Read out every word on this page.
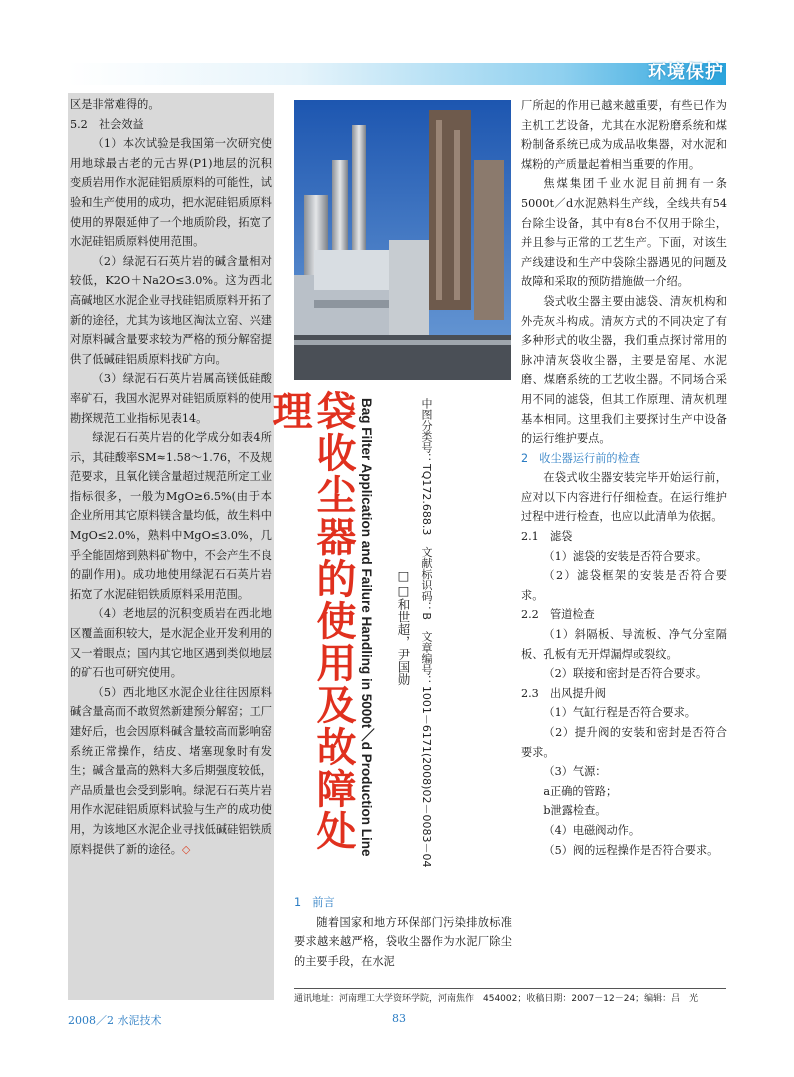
环境保护

区是非常难得的。

5.2　社会效益

（1）本次试验是我国第一次研究使用地球最古老的元古界(P1)地层的沉积变质岩用作水泥硅铝质原料的可能性，试验和生产使用的成功，把水泥硅铝质原料使用的界限延伸了一个地质阶段，拓宽了水泥硅铝质原料使用范围。

（2）绿泥石石英片岩的碱含量相对较低，K2O＋Na2O≤3.0%。这为西北高碱地区水泥企业寻找硅铝质原料开拓了新的途径，尤其为该地区淘汰立窑、兴建对原料碱含量要求较为严格的预分解窑提供了低碱硅铝质原料找矿方向。

（3）绿泥石石英片岩属高镁低硅酸率矿石，我国水泥界对硅铝质原料的使用勘探规范工业指标见表14。

绿泥石石英片岩的化学成分如表4所示，其硅酸率SM≈1.58～1.76，不及规范要求，且氧化镁含量超过规范所定工业指标很多，一般为MgO≥6.5%(由于本企业所用其它原料镁含量均低，故生料中MgO≤2.0%，熟料中MgO≤3.0%，几乎全能固熔到熟料矿物中，不会产生不良的副作用)。成功地使用绿泥石石英片岩拓宽了水泥硅铝铁质原料采用范围。

（4）老地层的沉积变质岩在西北地区覆盖面积较大，是水泥企业开发利用的又一着眼点；国内其它地区遇到类似地层的矿石也可研究使用。

（5）西北地区水泥企业往往因原料碱含量高而不敢贸然新建预分解窑；工厂建好后，也会因原料碱含量较高而影响窑系统正常操作，结皮、堵塞现象时有发生；碱含量高的熟料大多后期强度较低，产品质量也会受到影响。绿泥石石英片岩用作水泥硅铝质原料试验与生产的成功使用，为该地区水泥企业寻找低碱硅铝铁质原料提供了新的途径。◇	袋收尘器的使用及故障处理	Bag Filter Application and Failure Handling in 5000t／d Production Line □□和世超，尹国勋 中图分类号：TQ172.688.3　文献标识码：B　文章编号：1001－6171(2008)02－0083－04

1　前言

随着国家和地方环保部门污染排放标准要求越来越严格，袋收尘器作为水泥厂除尘的主要手段，在水泥

厂所起的作用已越来越重要，有些已作为主机工艺设备，尤其在水泥粉磨系统和煤粉制备系统已成为成品收集器，对水泥和煤粉的产质量起着相当重要的作用。

焦煤集团千业水泥目前拥有一条5000t／d水泥熟料生产线，全线共有54台除尘设备，其中有8台不仅用于除尘，并且参与正常的工艺生产。下面，对该生产线建设和生产中袋除尘器遇见的问题及故障和采取的预防措施做一介绍。

袋式收尘器主要由滤袋、清灰机构和外壳灰斗构成。清灰方式的不同决定了有多种形式的收尘器，我们重点探讨常用的脉冲清灰袋收尘器，主要是窑尾、水泥磨、煤磨系统的工艺收尘器。不同场合采用不同的滤袋，但其工作原理、清灰机理基本相同。这里我们主要探讨生产中设备的运行维护要点。

2　收尘器运行前的检查

在袋式收尘器安装完毕开始运行前，应对以下内容进行仔细检查。在运行维护过程中进行检查，也应以此清单为依据。

2.1　滤袋

（1）滤袋的安装是否符合要求。

（2）滤袋框架的安装是否符合要求。

2.2　管道检查

（1）斜隔板、导流板、净气分室隔板、孔板有无开焊漏焊或裂纹。

（2）联接和密封是否符合要求。

2.3　出风提升阀

（1）气缸行程是否符合要求。

（2）提升阀的安装和密封是否符合要求。

（3）气源：

a正确的管路；

b泄露检查。

（4）电磁阀动作。

（5）阀的远程操作是否符合要求。

通讯地址：河南理工大学资环学院，河南焦作　454002；收稿日期：2007－12－24；编辑：吕　光
2008／2 水泥技术	83
